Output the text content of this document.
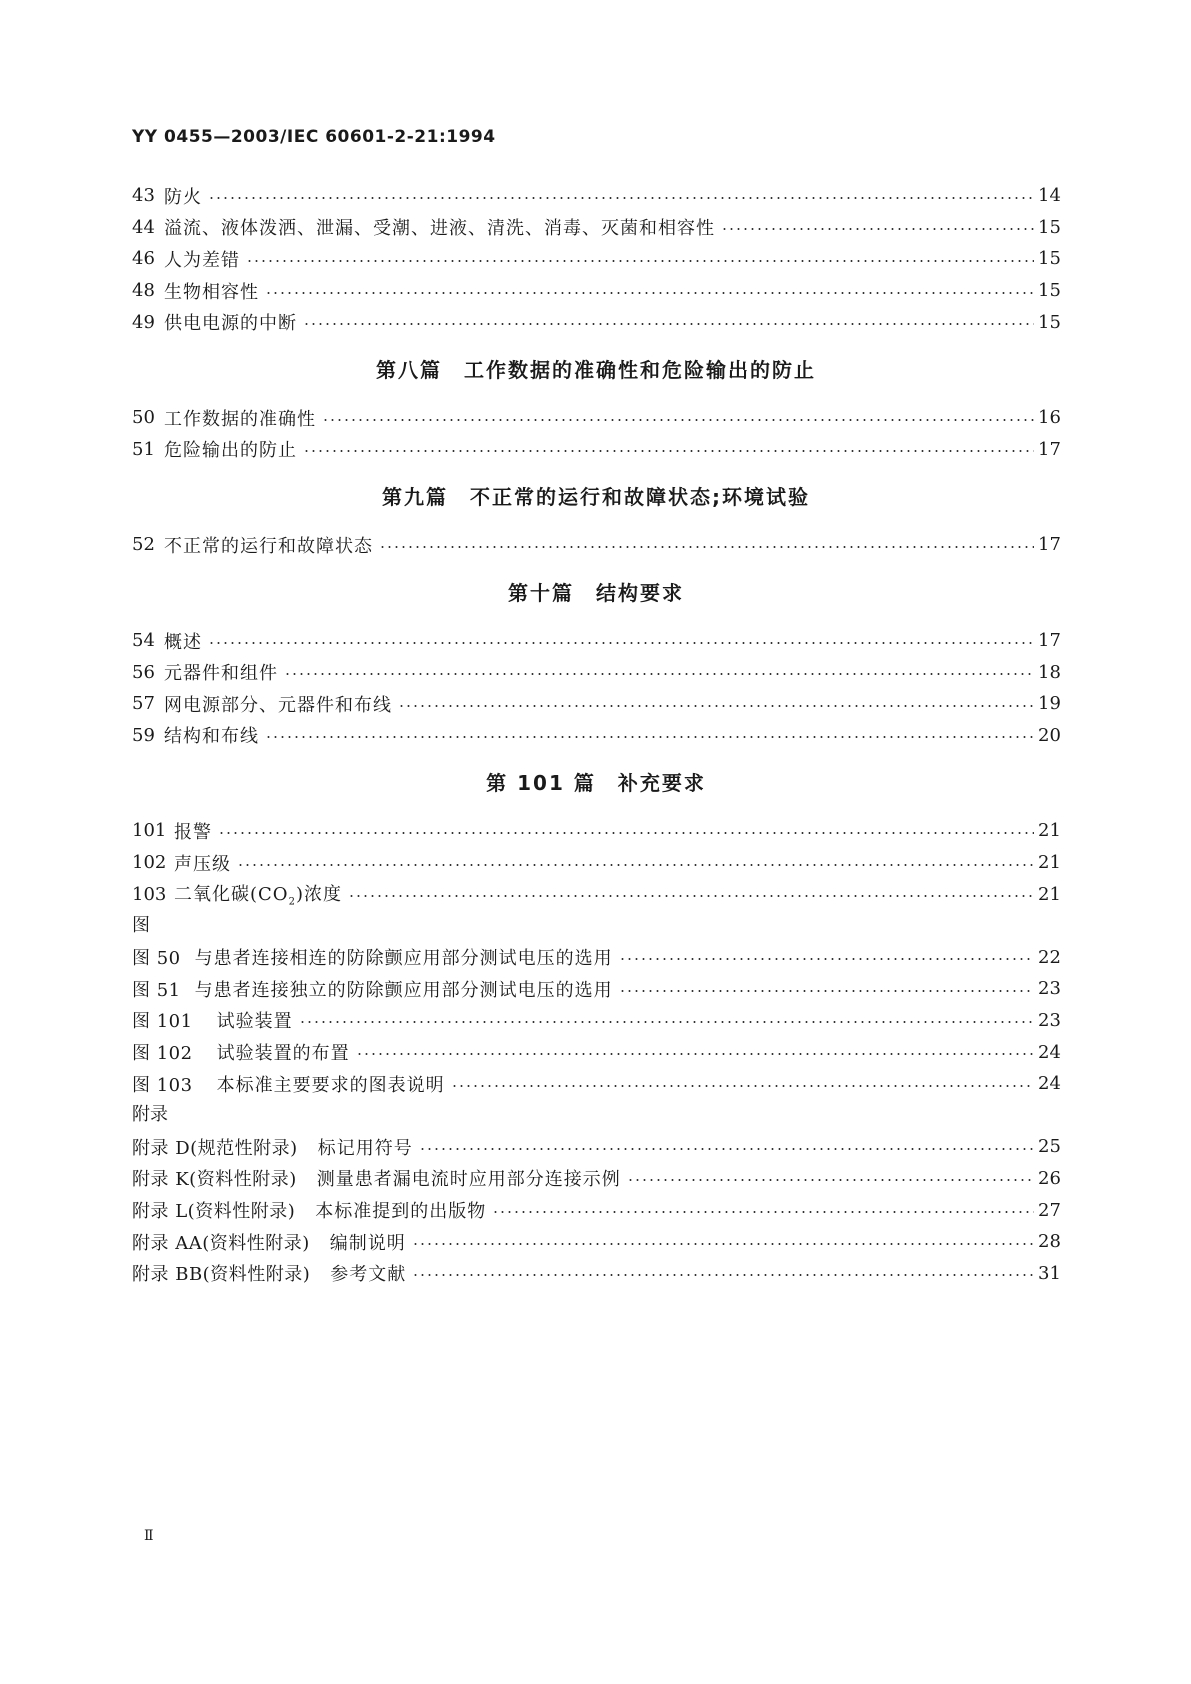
YY 0455—2003/IEC 60601-2-21:1994
43 防火	14
44 溢流、液体泼洒、泄漏、受潮、进液、清洗、消毒、灭菌和相容性	15
46 人为差错	15
48 生物相容性	15
49 供电电源的中断	15
第八篇　工作数据的准确性和危险输出的防止
50 工作数据的准确性	16
51 危险输出的防止	17
第九篇　不正常的运行和故障状态;环境试验
52 不正常的运行和故障状态	17
第十篇　结构要求
54 概述	17
56 元器件和组件	18
57 网电源部分、元器件和布线	19
59 结构和布线	20
第 101 篇　补充要求
101 报警	21
102 声压级	21
103 二氧化碳$(CO_2)$浓度	21
图
图 50 与患者连接相连的防除颤应用部分测试电压的选用	22
图 51 与患者连接独立的防除颤应用部分测试电压的选用	23
图 101 试验装置	23
图 102 试验装置的布置	24
图 103 本标准主要要求的图表说明	24
附录
附录 D(规范性附录) 标记用符号	25
附录 K(资料性附录) 测量患者漏电流时应用部分连接示例	26
附录 L(资料性附录) 本标准提到的出版物	27
附录 AA(资料性附录) 编制说明	28
附录 BB(资料性附录) 参考文献	31
Ⅱ
